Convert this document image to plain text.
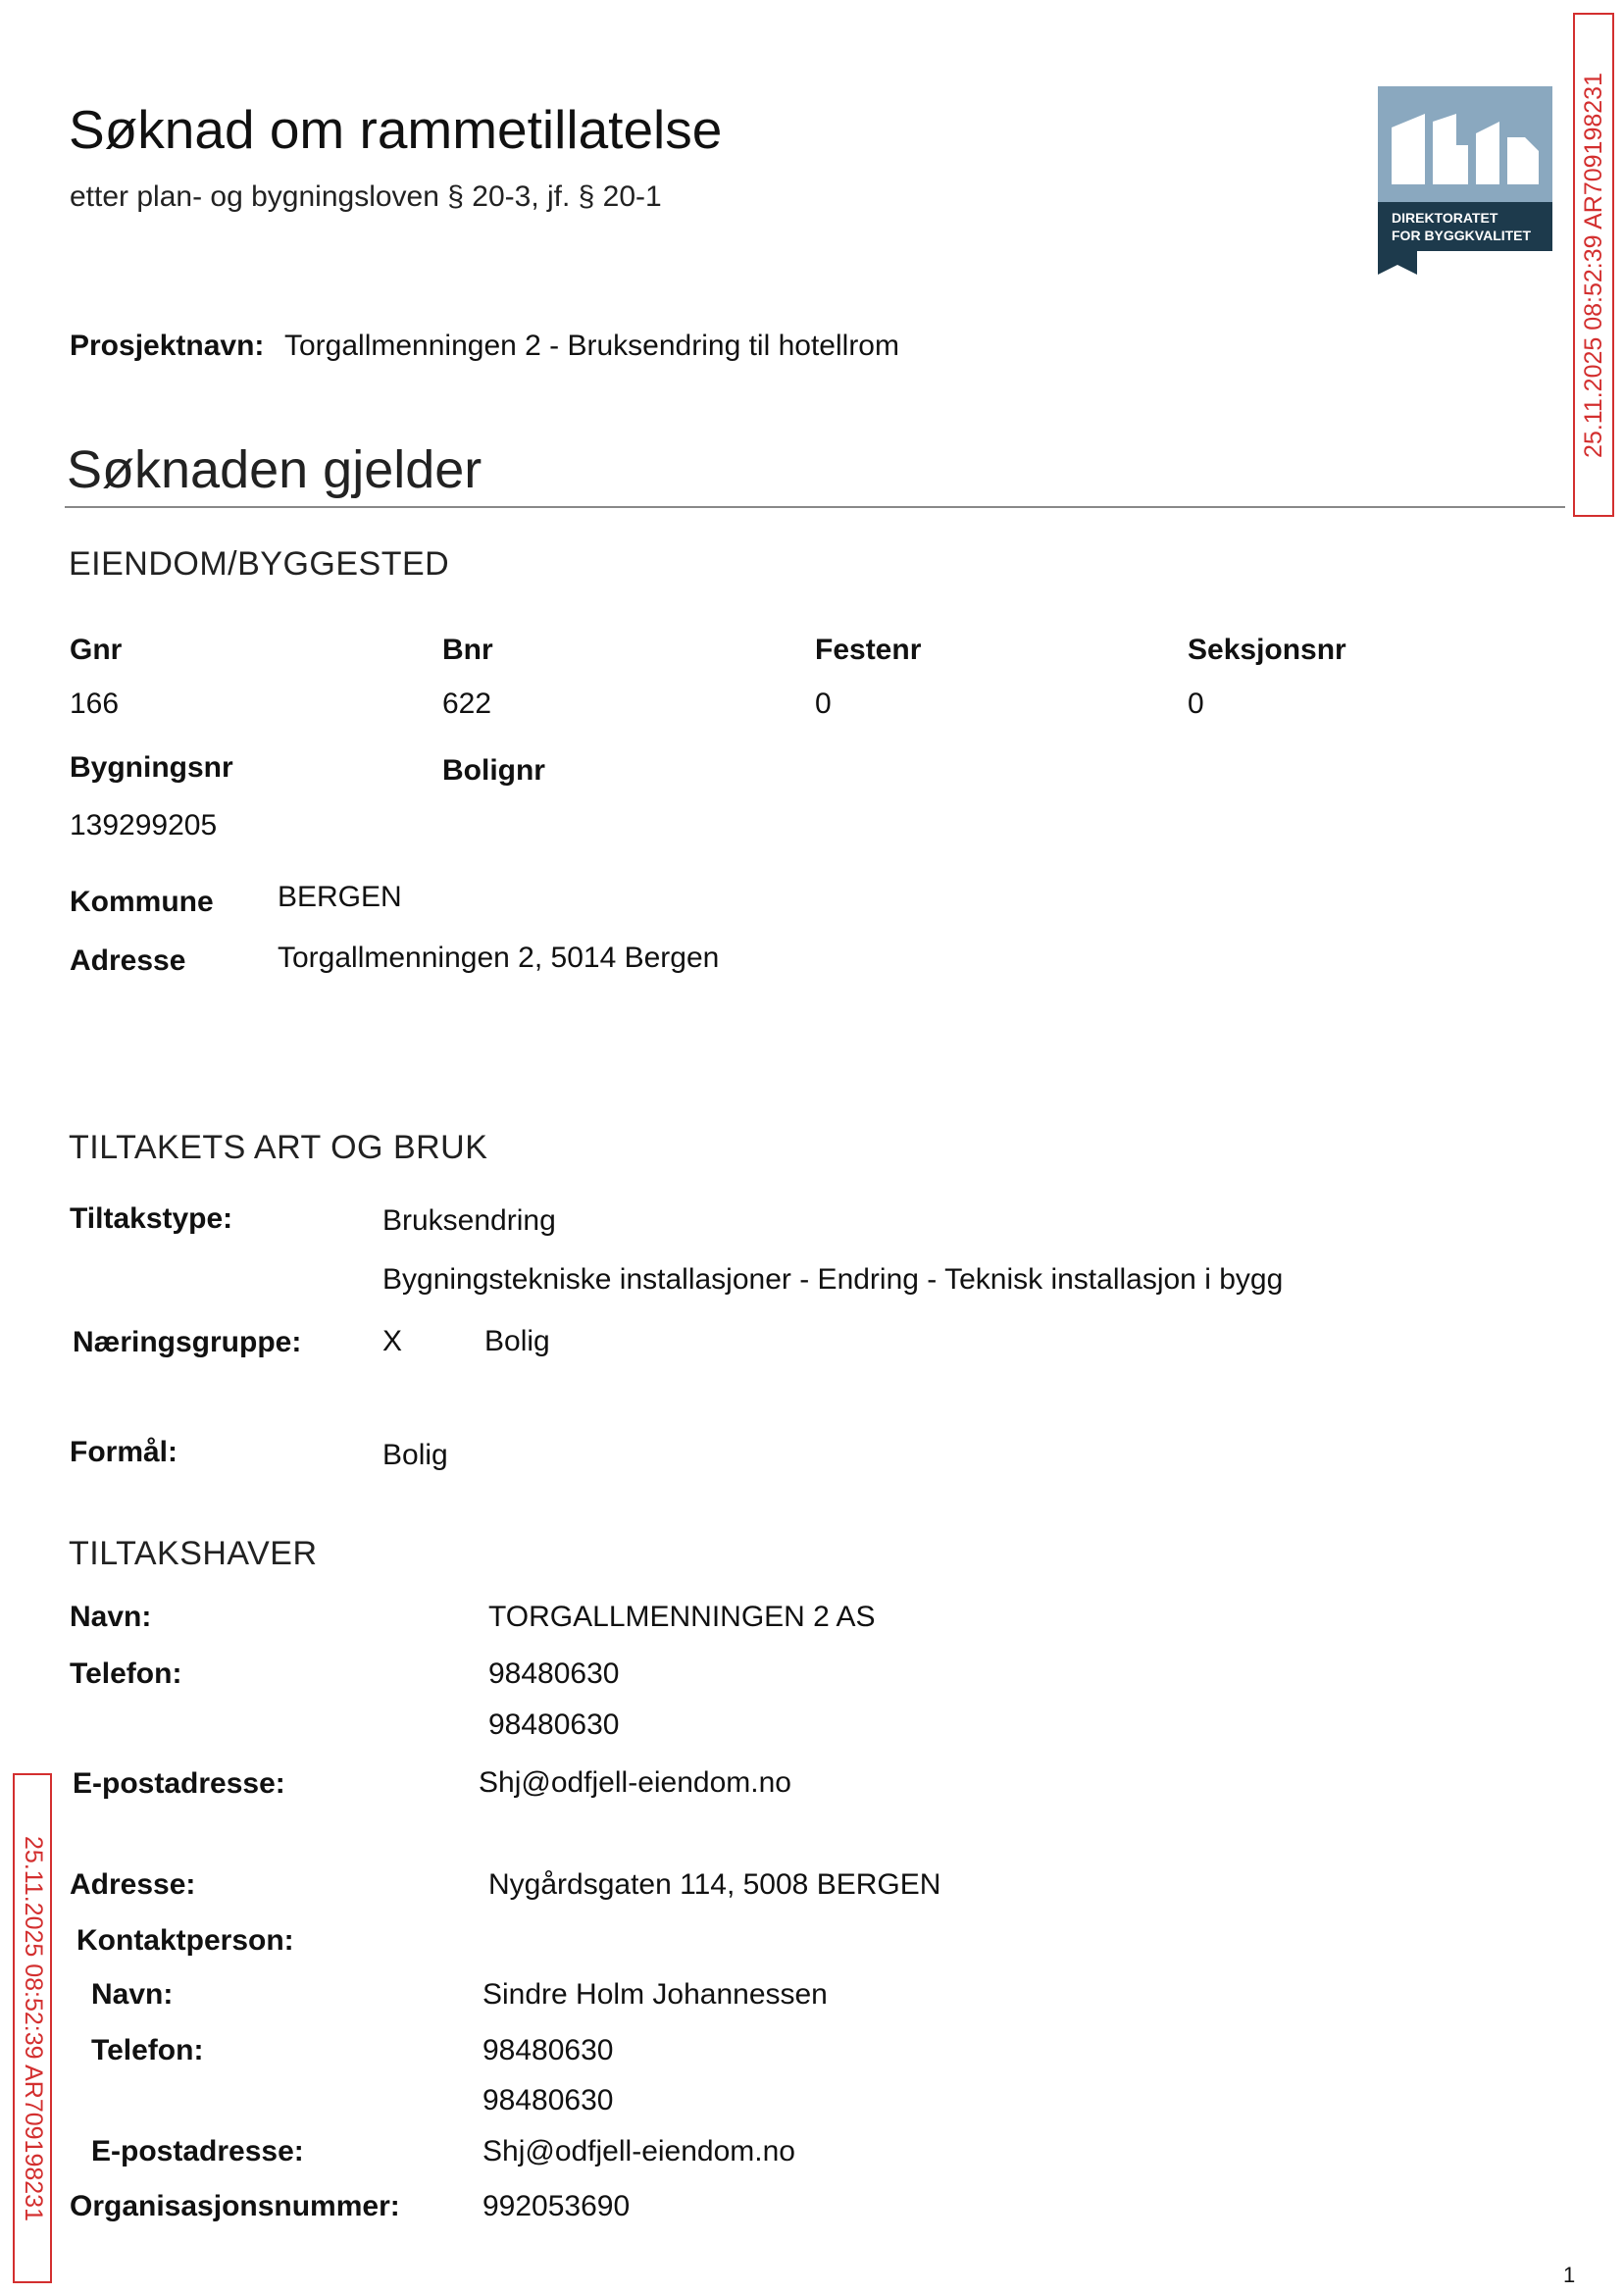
Søknad om rammetillatelse
etter plan- og bygningsloven § 20-3, jf. § 20-1
DIREKTORATET
FOR BYGGKVALITET 25.11.2025 08:52:39 AR709198231
25.11.2025 08:52:39 AR709198231
Prosjektnavn: Torgallmenningen 2 - Bruksendring til hotellrom
Søknaden gjelder
EIENDOM/BYGGESTED
Gnr	Bnr	Festenr	Seksjonsnr
166	622	0	0
Bygningsnr	Bolignr
139299205
Kommune BERGEN
Adresse	Torgallmenningen 2, 5014 Bergen
TILTAKETS ART OG BRUK
Tiltakstype:	Bruksendring
Bygningstekniske installasjoner - Endring - Teknisk installasjon i bygg
Næringsgruppe:	X	Bolig
Formål:	Bolig
TILTAKSHAVER
Navn:	TORGALLMENNINGEN 2 AS
Telefon:	98480630
98480630
E-postadresse:	Shj@odfjell-eiendom.no
Adresse:	Nygårdsgaten 114, 5008 BERGEN
Kontaktperson:
Navn:	Sindre Holm Johannessen
Telefon:	98480630
98480630
E-postadresse:	Shj@odfjell-eiendom.no
Organisasjonsnummer:	992053690
1
